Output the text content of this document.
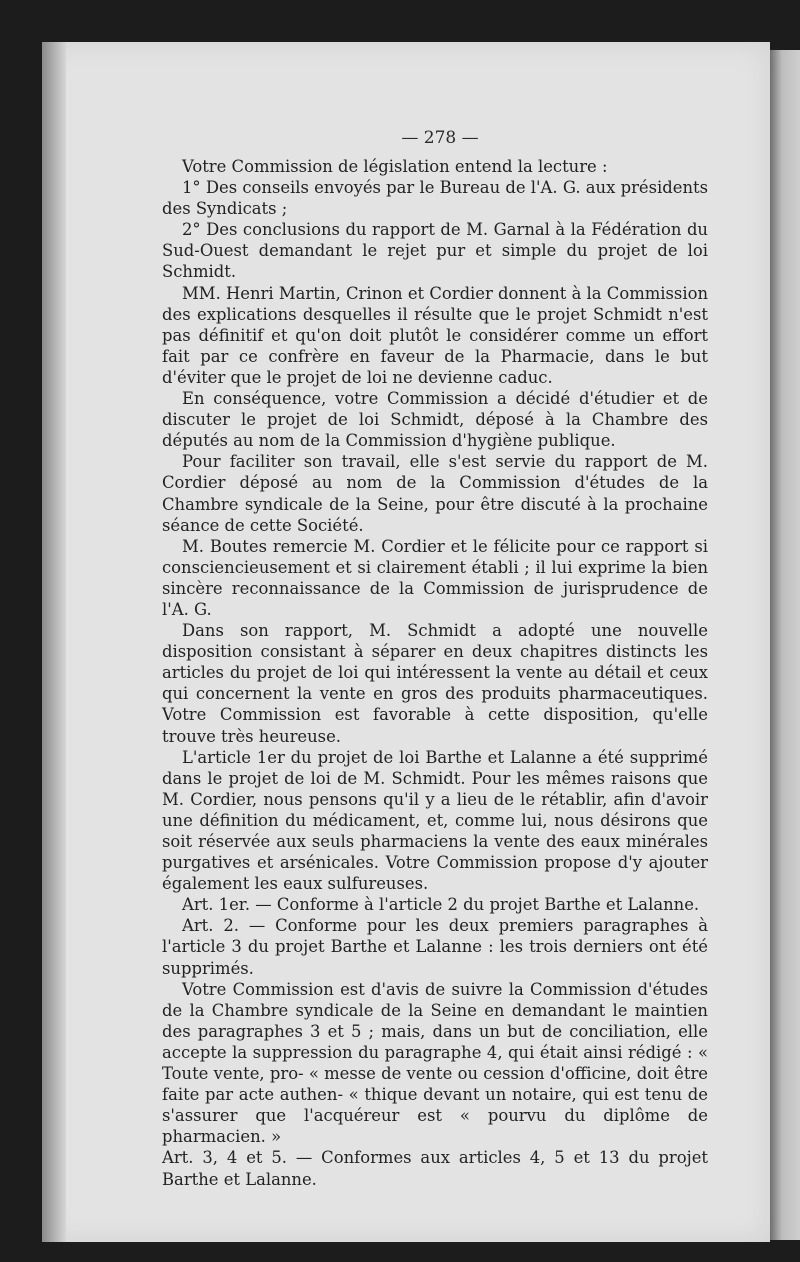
— 278 —

Votre Commission de législation entend la lecture :

1° Des conseils envoyés par le Bureau de l'A. G. aux présidents des Syndicats ;

2° Des conclusions du rapport de M. Garnal à la Fédération du Sud-Ouest demandant le rejet pur et simple du projet de loi Schmidt.

MM. Henri Martin, Crinon et Cordier donnent à la Commission des explications desquelles il résulte que le projet Schmidt n'est pas définitif et qu'on doit plutôt le considérer comme un effort fait par ce confrère en faveur de la Pharmacie, dans le but d'éviter que le projet de loi ne devienne caduc.

En conséquence, votre Commission a décidé d'étudier et de discuter le projet de loi Schmidt, déposé à la Chambre des députés au nom de la Commission d'hygiène publique.

Pour faciliter son travail, elle s'est servie du rapport de M. Cordier déposé au nom de la Commission d'études de la Chambre syndicale de la Seine, pour être discuté à la prochaine séance de cette Société.

M. Boutes remercie M. Cordier et le félicite pour ce rapport si consciencieusement et si clairement établi ; il lui exprime la bien sincère reconnaissance de la Commission de jurisprudence de l'A. G.

Dans son rapport, M. Schmidt a adopté une nouvelle disposition consistant à séparer en deux chapitres distincts les articles du projet de loi qui intéressent la vente au détail et ceux qui concernent la vente en gros des produits pharmaceutiques. Votre Commission est favorable à cette disposition, qu'elle trouve très heureuse.

L'article 1er du projet de loi Barthe et Lalanne a été supprimé dans le projet de loi de M. Schmidt. Pour les mêmes raisons que M. Cordier, nous pensons qu'il y a lieu de le rétablir, afin d'avoir une définition du médicament, et, comme lui, nous désirons que soit réservée aux seuls pharmaciens la vente des eaux minérales purgatives et arsénicales. Votre Commission propose d'y ajouter également les eaux sulfureuses.

Art. 1er. — Conforme à l'article 2 du projet Barthe et Lalanne.

Art. 2. — Conforme pour les deux premiers paragraphes à l'article 3 du projet Barthe et Lalanne : les trois derniers ont été supprimés.

Votre Commission est d'avis de suivre la Commission d'études de la Chambre syndicale de la Seine en demandant le maintien des paragraphes 3 et 5 ; mais, dans un but de conciliation, elle accepte la suppression du paragraphe 4, qui était ainsi rédigé : « Toute vente, pro- « messe de vente ou cession d'officine, doit être faite par acte authen- « thique devant un notaire, qui est tenu de s'assurer que l'acquéreur est « pourvu du diplôme de pharmacien. »

Art. 3, 4 et 5. — Conformes aux articles 4, 5 et 13 du projet Barthe et Lalanne.
